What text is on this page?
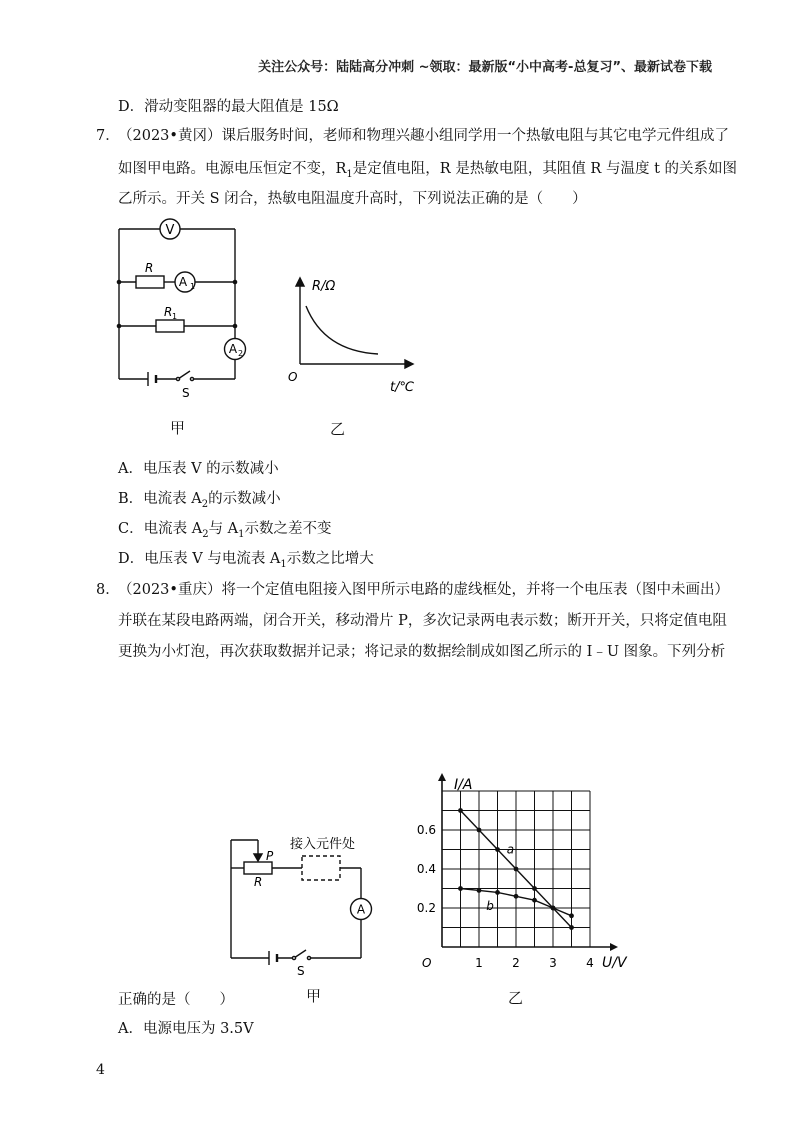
关注公众号：陆陆高分冲刺 ~领取：最新版“小中高考-总复习”、最新试卷下载
D．滑动变阻器的最大阻值是 15Ω
7．
（2023•黄冈）课后服务时间，老师和物理兴趣小组同学用一个热敏电阻与其它电学元件组成了
如图甲电路。电源电压恒定不变，$R_1$是定值电阻，R 是热敏电阻，其阻值 R 与温度 t 的关系如图
乙所示。开关 S 闭合，热敏电阻温度升高时，下列说法正确的是（　　）
V
A 1
A 2
R
R 1
S
R/Ω
t/℃
O
甲	乙
A．电压表 V 的示数减小
B．电流表 $A_2$的示数减小
C．电流表 $A_2$与 $A_1$示数之差不变
D．电压表 V 与电流表 $A_1$示数之比增大
8．
（2023•重庆）将一个定值电阻接入图甲所示电路的虚线框处，并将一个电压表（图中未画出）
并联在某段电路两端，闭合开关，移动滑片 P，多次记录两电表示数；断开开关，只将定值电阻
更换为小灯泡，再次获取数据并记录；将记录的数据绘制成如图乙所示的 I﹣U 图象。下列分析
P
R
接入元件处
A
S
甲
I/A
U/V
O	1 2 3 4
0.2
0.4
0.6
a
b
乙
正确的是（　　）
A．电源电压为 3.5V
4
